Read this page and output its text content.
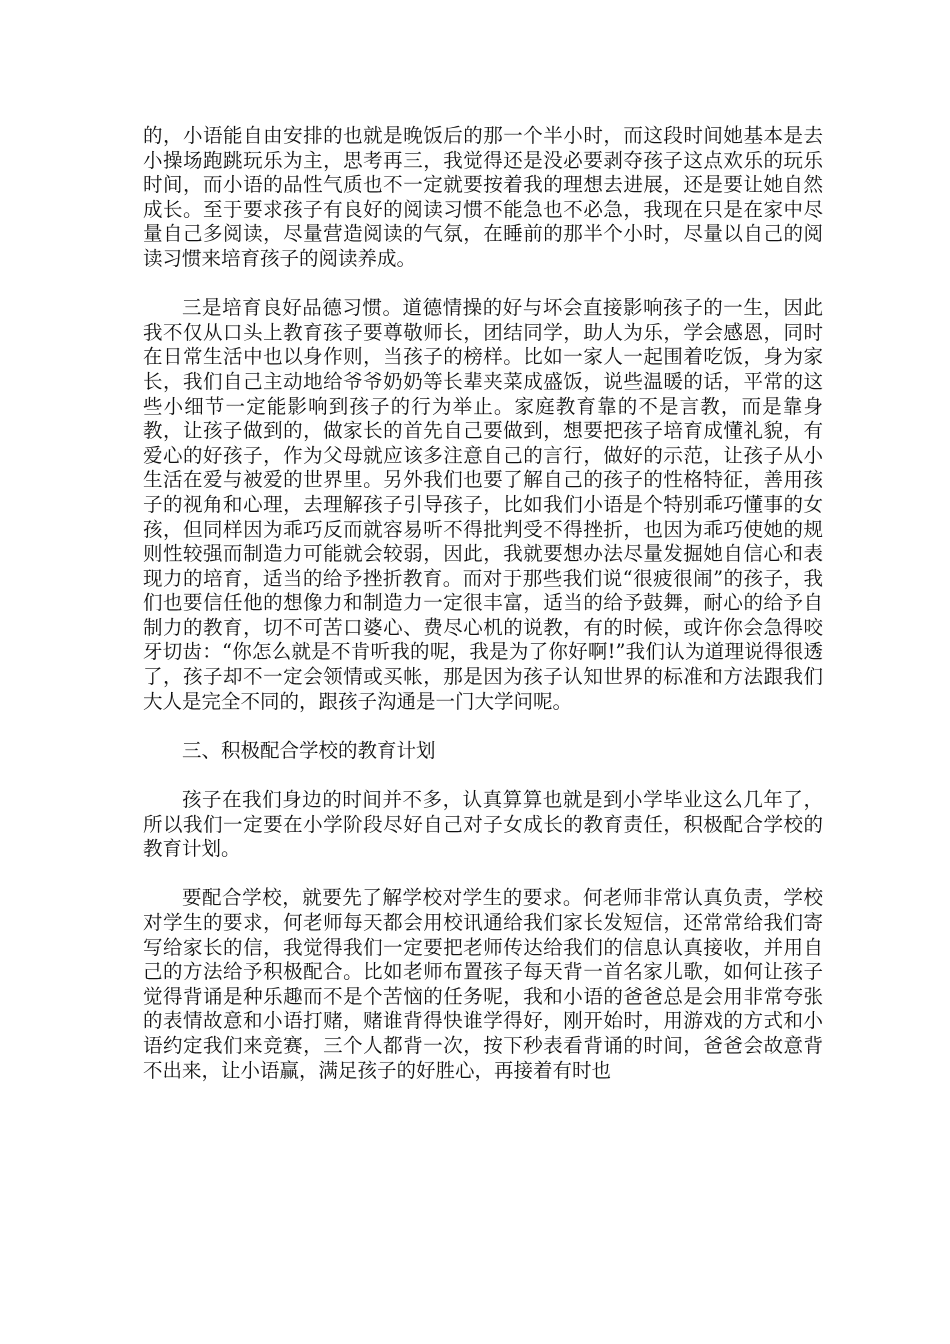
的，小语能自由安排的也就是晚饭后的那一个半小时，而这段时间她基本是去小操场跑跳玩乐为主，思考再三，我觉得还是没必要剥夺孩子这点欢乐的玩乐时间，而小语的品性气质也不一定就要按着我的理想去进展，还是要让她自然成长。至于要求孩子有良好的阅读习惯不能急也不必急，我现在只是在家中尽量自己多阅读，尽量营造阅读的气氛，在睡前的那半个小时，尽量以自己的阅读习惯来培育孩子的阅读养成。

三是培育良好品德习惯。道德情操的好与坏会直接影响孩子的一生，因此我不仅从口头上教育孩子要尊敬师长，团结同学，助人为乐，学会感恩，同时在日常生活中也以身作则，当孩子的榜样。比如一家人一起围着吃饭，身为家长，我们自己主动地给爷爷奶奶等长辈夹菜成盛饭，说些温暖的话，平常的这些小细节一定能影响到孩子的行为举止。家庭教育靠的不是言教，而是靠身教，让孩子做到的，做家长的首先自己要做到，想要把孩子培育成懂礼貌，有爱心的好孩子，作为父母就应该多注意自己的言行，做好的示范，让孩子从小生活在爱与被爱的世界里。另外我们也要了解自己的孩子的性格特征，善用孩子的视角和心理，去理解孩子引导孩子，比如我们小语是个特别乖巧懂事的女孩，但同样因为乖巧反而就容易听不得批判受不得挫折，也因为乖巧使她的规则性较强而制造力可能就会较弱，因此，我就要想办法尽量发掘她自信心和表现力的培育，适当的给予挫折教育。而对于那些我们说“很疲很闹”的孩子，我们也要信任他的想像力和制造力一定很丰富，适当的给予鼓舞，耐心的给予自制力的教育，切不可苦口婆心、费尽心机的说教，有的时候，或许你会急得咬牙切齿：“你怎么就是不肯听我的呢，我是为了你好啊!”我们认为道理说得很透了，孩子却不一定会领情或买帐，那是因为孩子认知世界的标准和方法跟我们大人是完全不同的，跟孩子沟通是一门大学问呢。

三、积极配合学校的教育计划

孩子在我们身边的时间并不多，认真算算也就是到小学毕业这么几年了，所以我们一定要在小学阶段尽好自己对子女成长的教育责任，积极配合学校的教育计划。

要配合学校，就要先了解学校对学生的要求。何老师非常认真负责，学校对学生的要求，何老师每天都会用校讯通给我们家长发短信，还常常给我们寄写给家长的信，我觉得我们一定要把老师传达给我们的信息认真接收，并用自己的方法给予积极配合。比如老师布置孩子每天背一首名家儿歌，如何让孩子觉得背诵是种乐趣而不是个苦恼的任务呢，我和小语的爸爸总是会用非常夸张的表情故意和小语打赌，赌谁背得快谁学得好，刚开始时，用游戏的方式和小语约定我们来竞赛，三个人都背一次，按下秒表看背诵的时间，爸爸会故意背不出来，让小语赢，满足孩子的好胜心，再接着有时也
